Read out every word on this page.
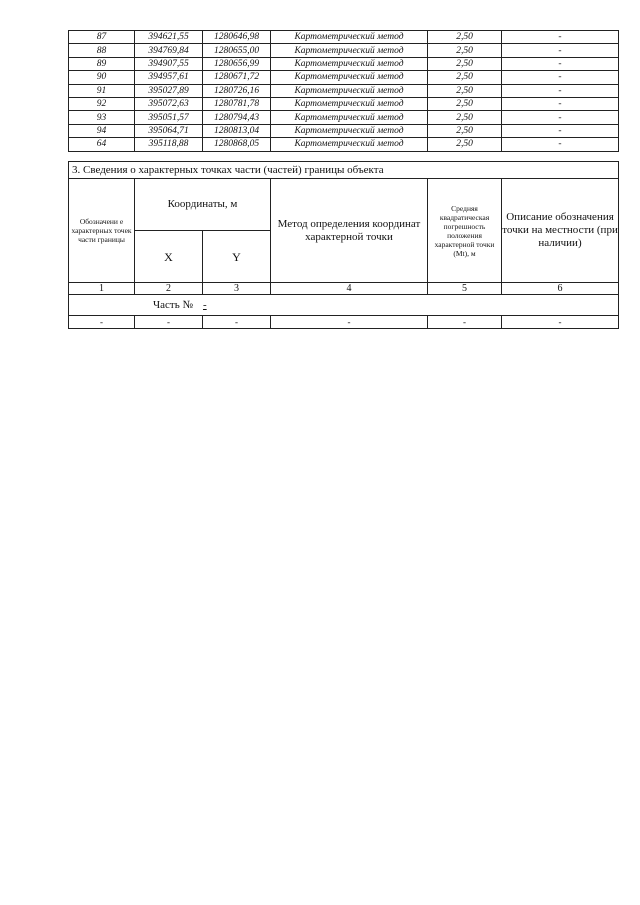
87	394621,55	1280646,98	Картометрический метод	2,50	-
88	394769,84	1280655,00	Картометрический метод	2,50	-
89	394907,55	1280656,99	Картометрический метод	2,50	-
90	394957,61	1280671,72	Картометрический метод	2,50	-
91	395027,89	1280726,16	Картометрический метод	2,50	-
92	395072,63	1280781,78	Картометрический метод	2,50	-
93	395051,57	1280794,43	Картометрический метод	2,50	-
94	395064,71	1280813,04	Картометрический метод	2,50	-
64	395118,88	1280868,05	Картометрический метод	2,50	-
3. Сведения о характерных точках части (частей) границы объекта					
Обозначени е характерных точек части границы	Координаты, м		Метод определения координат характерной точки	Средняя квадратическая погрешность положения характерной точки (Mt), м	Описание обозначения точки на местности (при наличии)
	X	Y			
1	2	3	4	5	6
Часть № -					
-	-	-	-	-	-
